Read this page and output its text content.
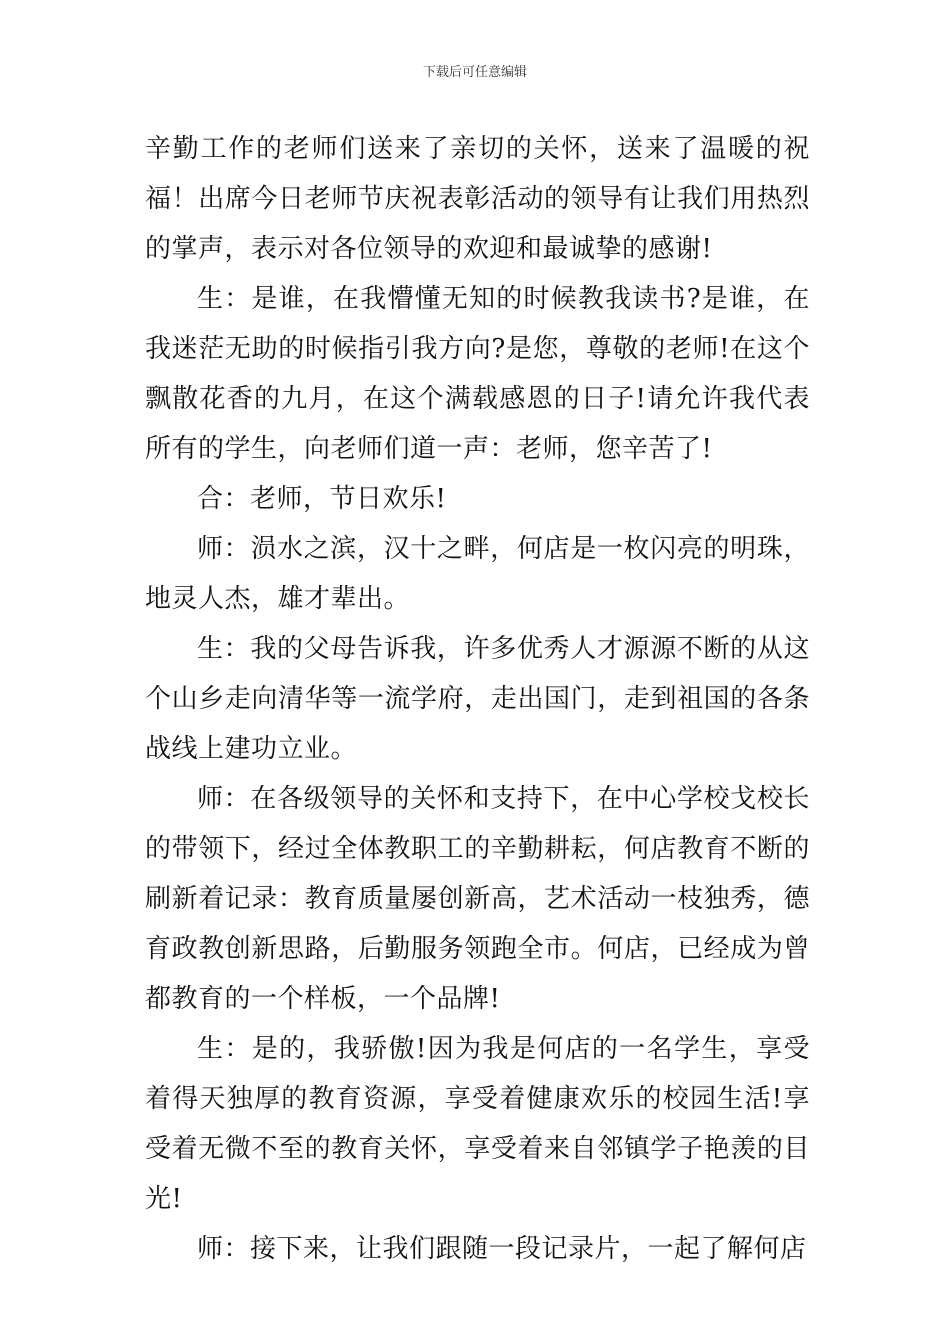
下载后可任意编辑

辛勤工作的老师们送来了亲切的关怀，送来了温暖的祝福！出席今日老师节庆祝表彰活动的领导有让我们用热烈的掌声，表示对各位领导的欢迎和最诚挚的感谢!

生：是谁，在我懵懂无知的时候教我读书?是谁，在我迷茫无助的时候指引我方向?是您，尊敬的老师!在这个飘散花香的九月，在这个满载感恩的日子!请允许我代表所有的学生，向老师们道一声：老师，您辛苦了!

合：老师，节日欢乐!

师：涢水之滨，汉十之畔，何店是一枚闪亮的明珠，地灵人杰，雄才辈出。

生：我的父母告诉我，许多优秀人才源源不断的从这个山乡走向清华等一流学府，走出国门，走到祖国的各条战线上建功立业。

师：在各级领导的关怀和支持下，在中心学校戈校长的带领下，经过全体教职工的辛勤耕耘，何店教育不断的刷新着记录：教育质量屡创新高，艺术活动一枝独秀，德育政教创新思路，后勤服务领跑全市。何店，已经成为曾都教育的一个样板，一个品牌!

生：是的，我骄傲!因为我是何店的一名学生，享受着得天独厚的教育资源，享受着健康欢乐的校园生活!享受着无微不至的教育关怀，享受着来自邻镇学子艳羡的目光!

师：接下来，让我们跟随一段记录片，一起了解何店
